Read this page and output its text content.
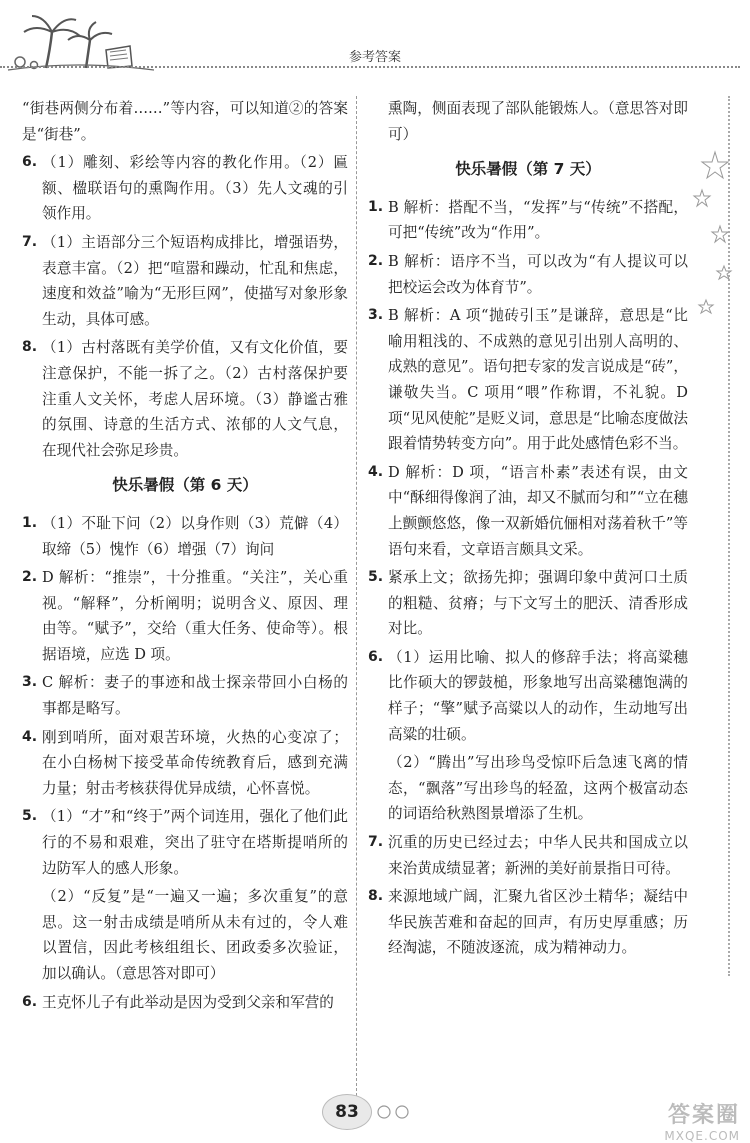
参考答案
“街巷两侧分布着……”等内容，可以知道②的答案是“街巷”。
6. （1）雕刻、彩绘等内容的教化作用。（2）匾额、楹联语句的熏陶作用。（3）先人文魂的引领作用。
7. （1）主语部分三个短语构成排比，增强语势，表意丰富。（2）把“喧嚣和躁动，忙乱和焦虑，速度和效益”喻为“无形巨网”，使描写对象形象生动，具体可感。
8. （1）古村落既有美学价值，又有文化价值，要注意保护，不能一拆了之。（2）古村落保护要注重人文关怀，考虑人居环境。（3）静谧古雅的氛围、诗意的生活方式、浓郁的人文气息，在现代社会弥足珍贵。
快乐暑假（第 6 天）
1. （1）不耻下问（2）以身作则（3）荒僻（4）取缔（5）愧怍（6）增强（7）询问
2. D 解析：“推崇”，十分推重。“关注”，关心重视。“解释”，分析阐明；说明含义、原因、理由等。“赋予”，交给（重大任务、使命等）。根据语境，应选 D 项。
3. C 解析：妻子的事迹和战士探亲带回小白杨的事都是略写。
4. 刚到哨所，面对艰苦环境，火热的心变凉了；在小白杨树下接受革命传统教育后，感到充满力量；射击考核获得优异成绩，心怀喜悦。
5. （1）“才”和“终于”两个词连用，强化了他们此行的不易和艰难，突出了驻守在塔斯提哨所的边防军人的感人形象。
（2）“反复”是“一遍又一遍；多次重复”的意思。这一射击成绩是哨所从未有过的，令人难以置信，因此考核组组长、团政委多次验证，加以确认。（意思答对即可）
6. 王克怀儿子有此举动是因为受到父亲和军营的
熏陶，侧面表现了部队能锻炼人。（意思答对即可）
快乐暑假（第 7 天）
1. B 解析：搭配不当，“发挥”与“传统”不搭配，可把“传统”改为“作用”。
2. B 解析：语序不当，可以改为“有人提议可以把校运会改为体育节”。
3. B 解析：A 项“抛砖引玉”是谦辞，意思是“比喻用粗浅的、不成熟的意见引出别人高明的、成熟的意见”。语句把专家的发言说成是“砖”，谦敬失当。C 项用“喂”作称谓，不礼貌。D 项“见风使舵”是贬义词，意思是“比喻态度做法跟着情势转变方向”。用于此处感情色彩不当。
4. D 解析：D 项，“语言朴素”表述有误，由文中“酥细得像润了油，却又不腻而匀和”“立在穗上颤颤悠悠，像一双新婚伉俪相对荡着秋千”等语句来看，文章语言颇具文采。
5. 紧承上文；欲扬先抑；强调印象中黄河口土质的粗糙、贫瘠；与下文写土的肥沃、清香形成对比。
6. （1）运用比喻、拟人的修辞手法；将高粱穗比作硕大的锣鼓槌，形象地写出高粱穗饱满的样子；“擎”赋予高粱以人的动作，生动地写出高粱的壮硕。
（2）“腾出”写出珍鸟受惊吓后急速飞离的情态，“飘落”写出珍鸟的轻盈，这两个极富动态的词语给秋熟图景增添了生机。
7. 沉重的历史已经过去；中华人民共和国成立以来治黄成绩显著；新洲的美好前景指日可待。
8. 来源地域广阔，汇聚九省区沙土精华；凝结中华民族苦难和奋起的回声，有历史厚重感；历经淘滤，不随波逐流，成为精神动力。
83	答案圈
MXQE.COM
